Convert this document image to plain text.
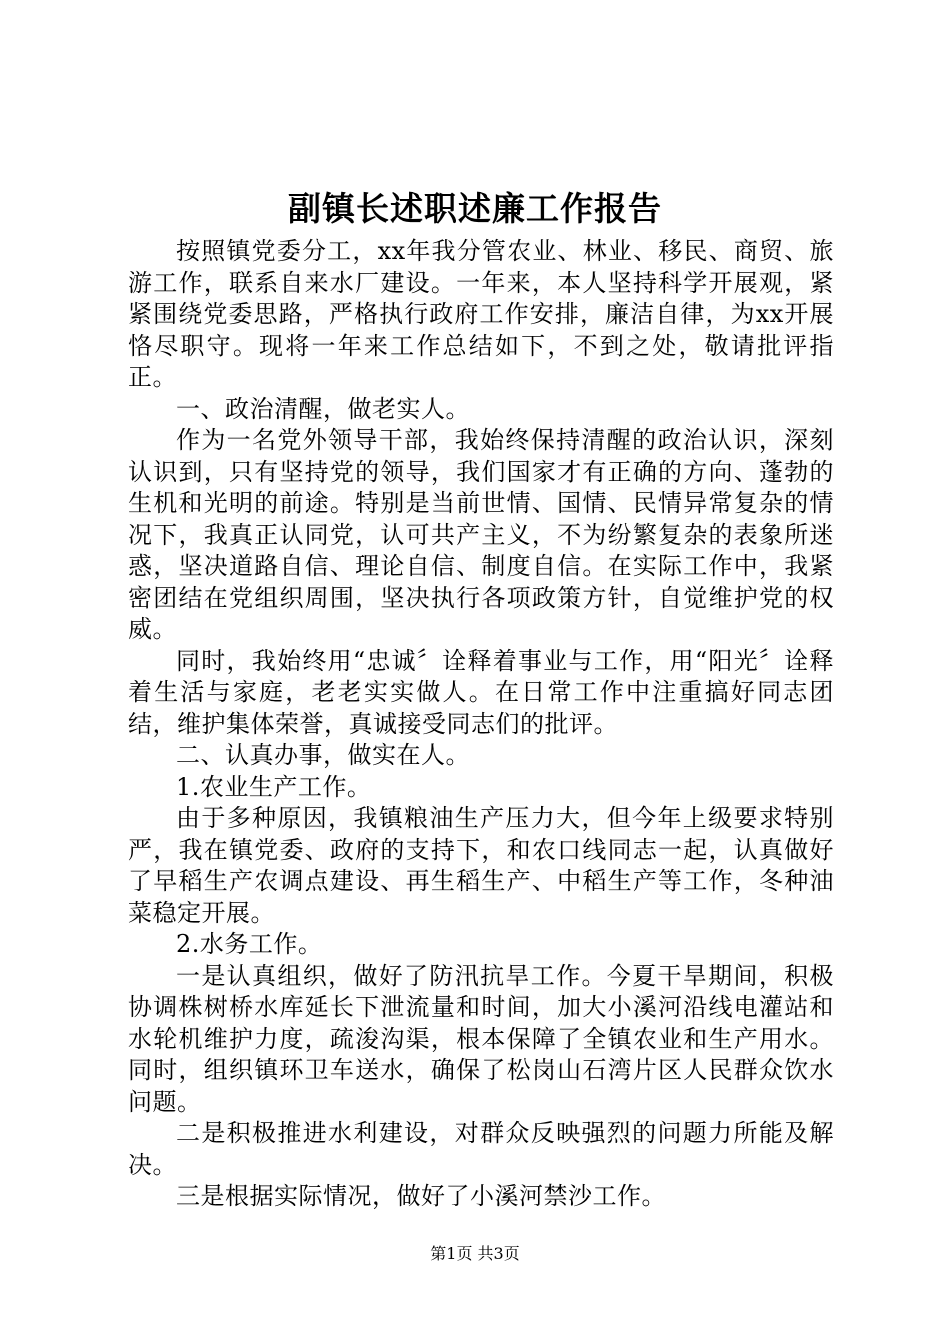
副镇长述职述廉工作报告

按照镇党委分工，xx年我分管农业、林业、移民、商贸、旅游工作，联系自来水厂建设。一年来，本人坚持科学开展观，紧紧围绕党委思路，严格执行政府工作安排，廉洁自律，为xx开展恪尽职守。现将一年来工作总结如下，不到之处，敬请批评指正。

一、政治清醒，做老实人。

作为一名党外领导干部，我始终保持清醒的政治认识，深刻认识到，只有坚持党的领导，我们国家才有正确的方向、蓬勃的生机和光明的前途。特别是当前世情、国情、民情异常复杂的情况下，我真正认同党，认可共产主义，不为纷繁复杂的表象所迷惑，坚决道路自信、理论自信、制度自信。在实际工作中，我紧密团结在党组织周围，坚决执行各项政策方针，自觉维护党的权威。

同时，我始终用“忠诚〞诠释着事业与工作，用“阳光〞诠释着生活与家庭，老老实实做人。在日常工作中注重搞好同志团结，维护集体荣誉，真诚接受同志们的批评。

二、认真办事，做实在人。

1.农业生产工作。

由于多种原因，我镇粮油生产压力大，但今年上级要求特别严，我在镇党委、政府的支持下，和农口线同志一起，认真做好了早稻生产农调点建设、再生稻生产、中稻生产等工作，冬种油菜稳定开展。

2.水务工作。

一是认真组织，做好了防汛抗旱工作。今夏干旱期间，积极协调株树桥水库延长下泄流量和时间，加大小溪河沿线电灌站和水轮机维护力度，疏浚沟渠，根本保障了全镇农业和生产用水。同时，组织镇环卫车送水，确保了松岗山石湾片区人民群众饮水问题。

二是积极推进水利建设，对群众反映强烈的问题力所能及解决。

三是根据实际情况，做好了小溪河禁沙工作。

第1页 共3页
